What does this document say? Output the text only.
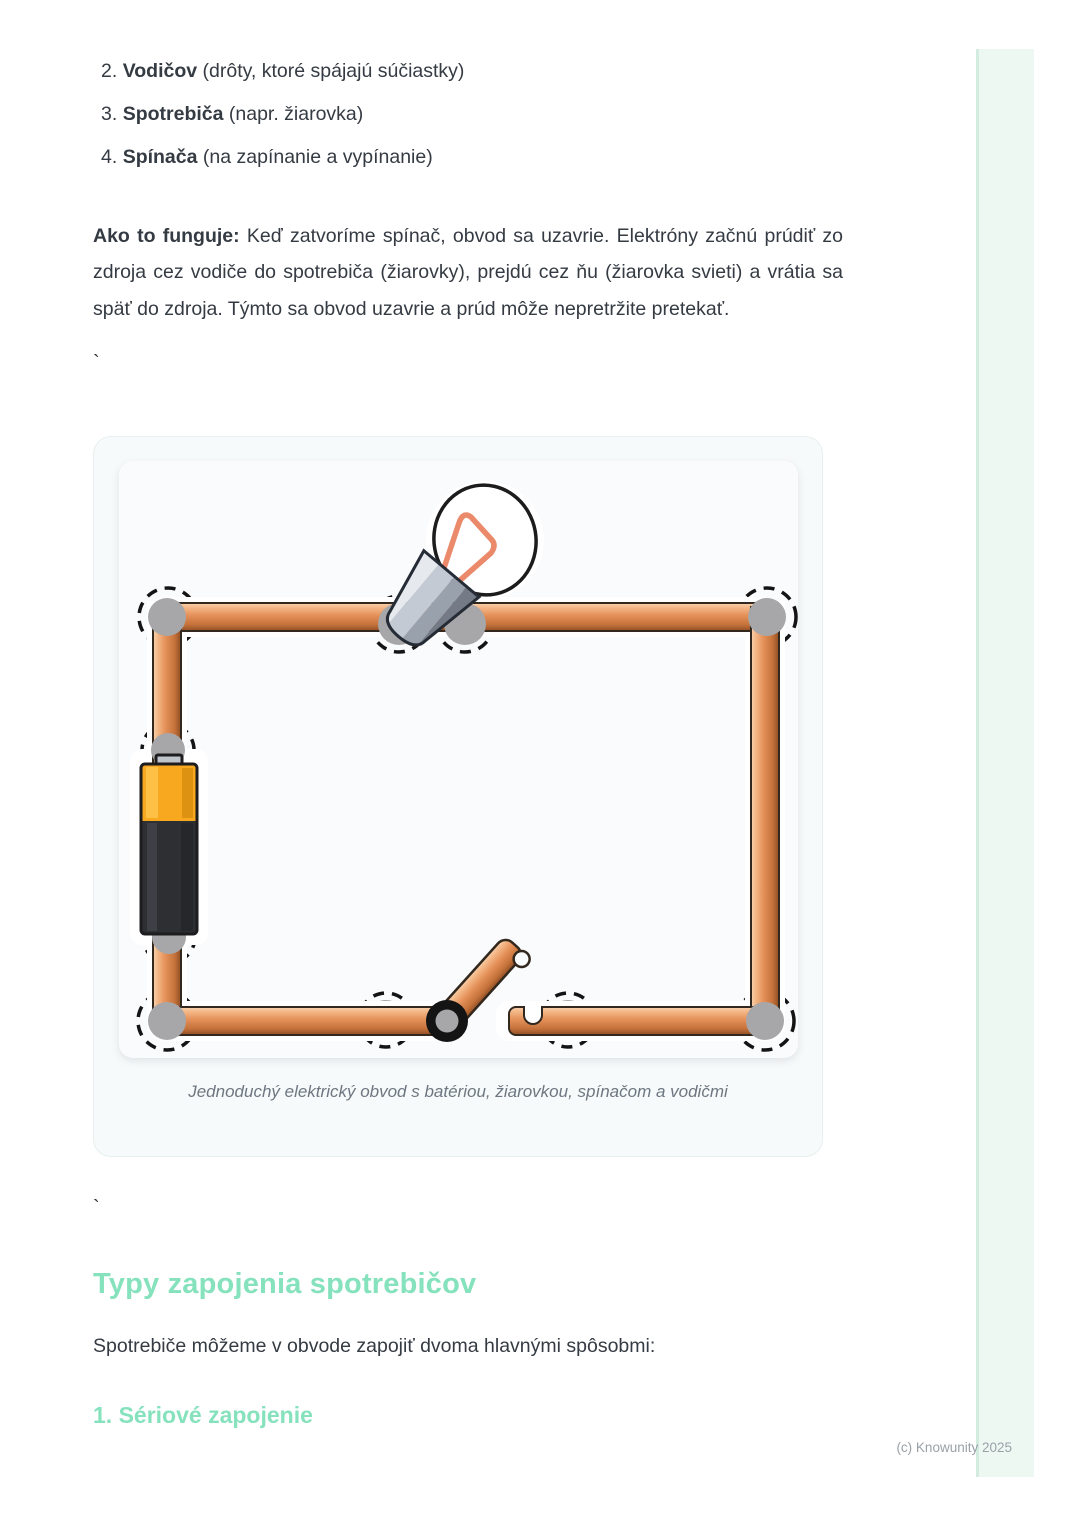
2. Vodičov (drôty, ktoré spájajú súčiastky)
3. Spotrebiča (napr. žiarovka)
4. Spínača (na zapínanie a vypínanie)

Ako to funguje: Keď zatvoríme spínač, obvod sa uzavrie. Elektróny začnú prúdiť zo zdroja cez vodiče do spotrebiča (žiarovky), prejdú cez ňu (žiarovka svieti) a vrátia sa späť do zdroja. Týmto sa obvod uzavrie a prúd môže nepretržite pretekať.

`
Jednoduchý elektrický obvod s batériou, žiarovkou, spínačom a vodičmi
`
Typy zapojenia spotrebičov

Spotrebiče môžeme v obvode zapojiť dvoma hlavnými spôsobmi:

1. Sériové zapojenie
(c) Knowunity 2025
